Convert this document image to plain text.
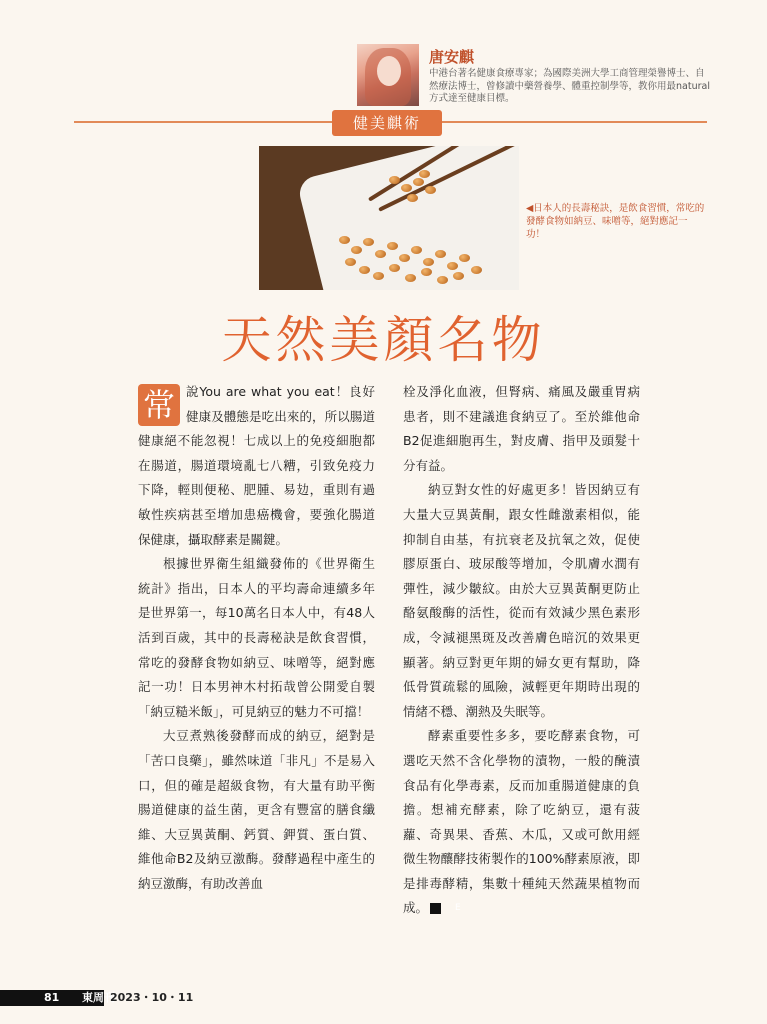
唐安麒
中港台著名健康食療專家；為國際美洲大學工商管理榮譽博士、自然療法博士，曾修讀中藥營養學、體重控制學等，教你用最natural方式達至健康目標。
健美麒術
◀日本人的長壽秘訣，是飲食習慣，常吃的發酵食物如納豆、味噌等，絕對應記一功！
天然美顏名物

常 說You are what you eat！良好健康及體態是吃出來的，所以腸道健康絕不能忽視！七成以上的免疫細胞都在腸道，腸道環境亂七八糟，引致免疫力下降，輕則便秘、肥腫、易攰，重則有過敏性疾病甚至增加患癌機會，要強化腸道保健康，攝取酵素是關鍵。

根據世界衛生組織發佈的《世界衛生統計》指出，日本人的平均壽命連續多年是世界第一，每10萬名日本人中，有48人活到百歲，其中的長壽秘訣是飲食習慣，常吃的發酵食物如納豆、味噌等，絕對應記一功！日本男神木村拓哉曾公開愛自製「納豆糙米飯」，可見納豆的魅力不可擋！

大豆煮熟後發酵而成的納豆，絕對是「苦口良藥」，雖然味道「非凡」不是易入口，但的確是超級食物，有大量有助平衡腸道健康的益生菌，更含有豐富的膳食纖維、大豆異黃酮、鈣質、鉀質、蛋白質、維他命B2及納豆激酶。發酵過程中產生的納豆激酶，有助改善血

栓及淨化血液，但腎病、痛風及嚴重胃病患者，則不建議進食納豆了。至於維他命B2促進細胞再生，對皮膚、指甲及頭髮十分有益。

納豆對女性的好處更多！皆因納豆有大量大豆異黃酮，跟女性雌激素相似，能抑制自由基，有抗衰老及抗氧之效，促使膠原蛋白、玻尿酸等增加，令肌膚水潤有彈性，減少皺紋。由於大豆異黃酮更防止酪氨酸酶的活性，從而有效減少黑色素形成，令減褪黑斑及改善膚色暗沉的效果更顯著。納豆對更年期的婦女更有幫助，降低骨質疏鬆的風險，減輕更年期時出現的情緒不穩、潮熱及失眠等。

酵素重要性多多，要吃酵素食物，可選吃天然不含化學物的漬物，一般的醃漬食品有化學毒素，反而加重腸道健康的負擔。想補充酵素，除了吃納豆，還有菠蘿、奇異果、香蕉、木瓜，又或可飲用經微生物釀酵技術製作的100%酵素原液，即是排毒酵精，集數十種純天然蔬果植物而成。	E

81 東周刊
2023・10・11
